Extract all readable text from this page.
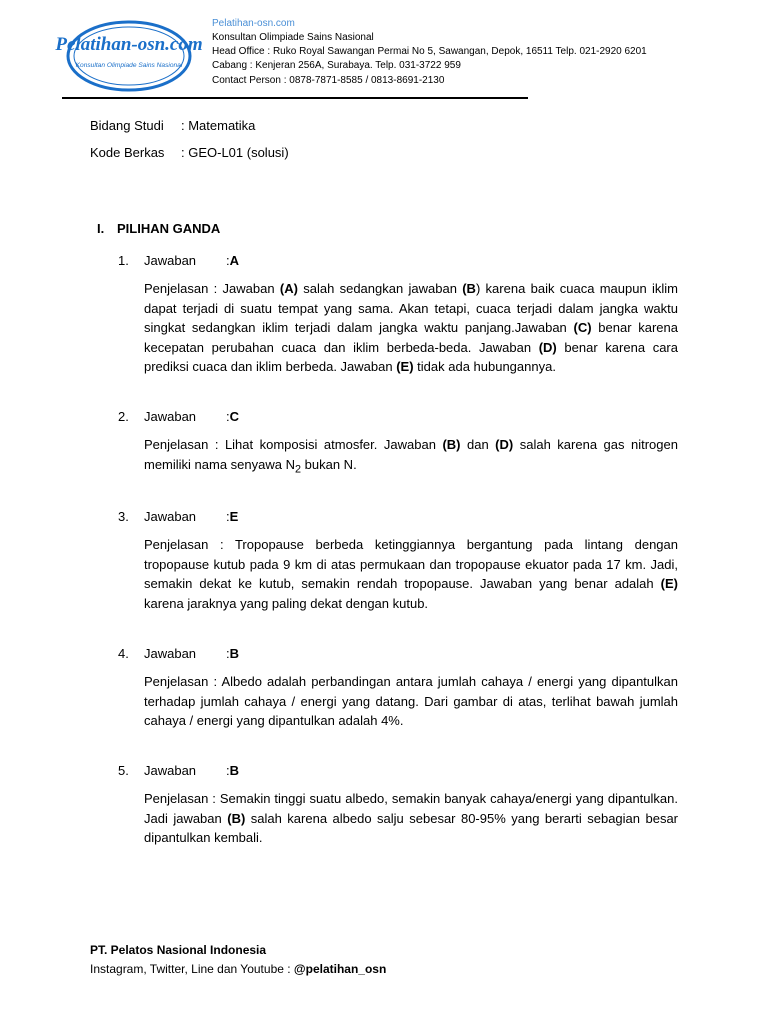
Pelatihan-osn.com
Konsultan Olimpiade Sains Nasional
Pelatihan-osn.com
Konsultan Olimpiade Sains Nasional
Head Office : Ruko Royal Sawangan Permai No 5, Sawangan, Depok, 16511 Telp. 021-2920 6201
Cabang : Kenjeran 256A, Surabaya. Telp. 031-3722 959
Contact Person : 0878-7871-8585 / 0813-8691-2130
Bidang Studi : Matematika
Kode Berkas : GEO-L01 (solusi)
I. PILIHAN GANDA
1.	Jawaban	: A
Penjelasan : Jawaban (A) salah sedangkan jawaban (B) karena baik cuaca maupun iklim dapat terjadi di suatu tempat yang sama. Akan tetapi, cuaca terjadi dalam jangka waktu singkat sedangkan iklim terjadi dalam jangka waktu panjang.Jawaban (C) benar karena kecepatan perubahan cuaca dan iklim berbeda-beda. Jawaban (D) benar karena cara prediksi cuaca dan iklim berbeda. Jawaban (E) tidak ada hubungannya.
2.	Jawaban	: C
Penjelasan : Lihat komposisi atmosfer. Jawaban (B) dan (D) salah karena gas nitrogen memiliki nama senyawa $N_2$ bukan N.
3.	Jawaban	: E
Penjelasan : Tropopause berbeda ketinggiannya bergantung pada lintang dengan tropopause kutub pada 9 km di atas permukaan dan tropopause ekuator pada 17 km. Jadi, semakin dekat ke kutub, semakin rendah tropopause. Jawaban yang benar adalah (E) karena jaraknya yang paling dekat dengan kutub.
4.	Jawaban	: B
Penjelasan : Albedo adalah perbandingan antara jumlah cahaya / energi yang dipantulkan terhadap jumlah cahaya / energi yang datang. Dari gambar di atas, terlihat bawah jumlah cahaya / energi yang dipantulkan adalah 4%.
5.	Jawaban	: B
Penjelasan : Semakin tinggi suatu albedo, semakin banyak cahaya/energi yang dipantulkan. Jadi jawaban (B) salah karena albedo salju sebesar 80-95% yang berarti sebagian besar dipantulkan kembali.
PT. Pelatos Nasional Indonesia
Instagram, Twitter, Line dan Youtube : @pelatihan_osn
